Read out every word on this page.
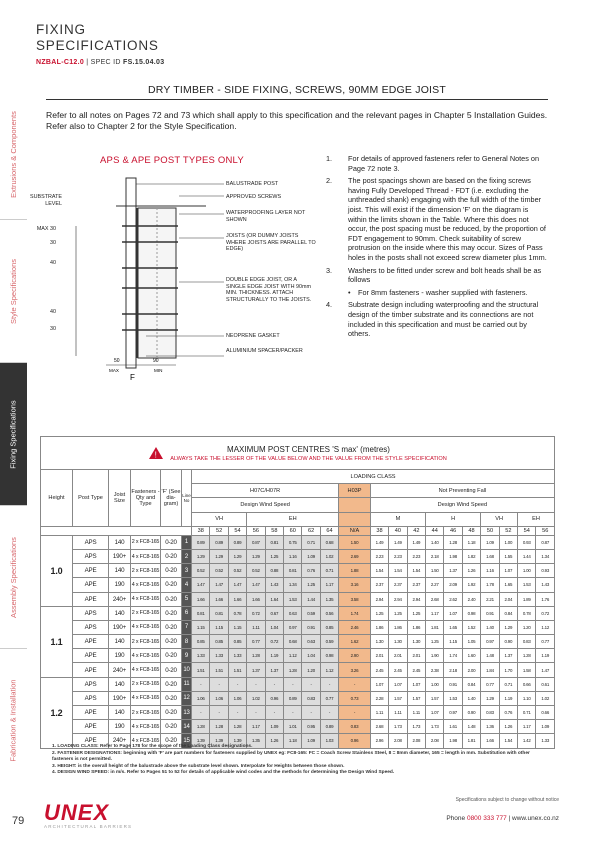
FIXING
SPECIFICATIONS
NZBAL-C12.0 | SPEC ID FS.15.04.03
Extrusions & Components
Style Specifications
Fixing Specifications
Assembly Specifications
Fabrication & Installation
DRY TIMBER - SIDE FIXING, SCREWS, 90MM EDGE JOIST
Refer to all notes on Pages 72 and 73 which shall apply to this specification and the relevant pages in Chapter 5 Installation Guides. Refer also to Chapter 2 for the Style Specification.
APS & APE POST TYPES ONLY
50	90
MAX	MIN
F
SUBSTRATE LEVEL
MAX 30
30
40
40
30
BALUSTRADE POST
APPROVED SCREWS
WATERPROOFING LAYER NOT SHOWN
JOISTS (OR DUMMY JOISTS WHERE JOISTS ARE PARALLEL TO EDGE)
DOUBLE EDGE JOIST, OR A SINGLE EDGE JOIST WITH 90mm MIN. THICKNESS. ATTACH STRUCTURALLY TO THE JOISTS.
NEOPRENE GASKET
ALUMINIUM SPACER/PACKER
1.	For details of approved fasteners refer to General Notes on Page 72 note 3.
2.	The post spacings shown are based on the fixing screws having Fully Developed Thread - FDT (i.e. excluding the unthreaded shank) engaging with the full width of the timber joist. This will exist if the dimension 'F' on the diagram is within the limits shown in the Table. Where this does not occur, the post spacing must be reduced, by the proportion of FDT engagement to 90mm. Check suitability of screw protrusion on the inside where this may occur. Sizes of Pass holes in the posts shall not exceed screw diameter plus 1mm.
3.	Washers to be fitted under screw and bolt heads shall be as follows
•	For 8mm fasteners - washer supplied with fasteners.
4.	Substrate design including waterproofing and the structural design of the timber substrate and its connections are not included in this specification and must be carried out by others.
!
MAXIMUM POST CENTRES 'S max' (metres)
ALWAYS TAKE THE LESSER OF THE VALUE BELOW AND THE VALUE FROM THE STYLE SPECIFICATION																								

Height	Post Type	Joist Size	Fasteners - Qty and Type	'F' (See dia-gram)	Line No	LOADING CLASS																		
						H07C/H07R								H03P	Not Preventing Fall									
						Design Wind Speed									Design Wind Speed									
						VH			EH						M			H			VH		EH	
						38	52	54	56	58	60	62	64	N/A	38	40	42	44	46	48	50	52	54	56
1.0	APS	140	2 x FC8-165	0-20	1	0.89	0.89	0.89	0.87	0.81	0.75	0.71	0.68	1.50	1.49	1.49	1.49	1.40	1.28	1.18	1.09	1.00	0.93	0.87
	APS	190+	4 x FC8-165	0-20	2	1.29	1.29	1.29	1.29	1.25	1.16	1.09	1.02	2.69	2.23	2.23	2.23	2.18	1.98	1.82	1.68	1.55	1.44	1.34
	APE	140	2 x FC8-165	0-20	3	0.52	0.52	0.52	0.52	0.88	0.81	0.76	0.71	1.88	1.54	1.54	1.54	1.50	1.37	1.26	1.16	1.07	1.00	0.93
	APE	190	4 x FC8-165	0-20	4	1.47	1.47	1.47	1.47	1.43	1.34	1.25	1.17	3.16	2.37	2.37	2.37	2.27	2.09	1.92	1.78	1.65	1.53	1.43
	APE	240+	4 x FC8-165	0-20	5	1.66	1.66	1.66	1.66	1.64	1.53	1.44	1.35	3.58	2.94	2.94	2.94	2.68	2.62	2.40	2.21	2.04	1.89	1.76
1.1	APS	140	2 x FC8-165	0-20	6	0.81	0.81	0.78	0.72	0.67	0.63	0.59	0.56	1.74	1.25	1.25	1.25	1.17	1.07	0.98	0.91	0.84	0.78	0.72
	APS	190+	4 x FC8-165	0-20	7	1.15	1.15	1.15	1.11	1.04	0.97	0.91	0.85	2.46	1.86	1.86	1.86	1.81	1.65	1.52	1.40	1.29	1.20	1.12
	APE	140	2 x FC8-165	0-20	8	0.85	0.85	0.85	0.77	0.72	0.68	0.63	0.59	1.62	1.30	1.30	1.30	1.25	1.15	1.05	0.97	0.90	0.83	0.77
	APE	190	4 x FC8-165	0-20	9	1.33	1.33	1.33	1.28	1.19	1.12	1.04	0.98	2.90	2.01	2.01	2.01	1.90	1.74	1.60	1.48	1.37	1.28	1.19
	APE	240+	4 x FC8-165	0-20	10	1.51	1.51	1.51	1.37	1.37	1.28	1.20	1.12	3.26	2.45	2.45	2.45	2.38	2.18	2.00	1.84	1.70	1.58	1.47
1.2	APS	140	2 x FC8-165	0-20	11	-	-	-	-	-	-	-	-	-	1.07	1.07	1.07	1.00	0.91	0.84	0.77	0.71	0.66	0.61
	APS	190+	4 x FC8-165	0-20	12	1.06	1.06	1.06	1.02	0.96	0.89	0.83	0.77	0.73	2.28	1.57	1.57	1.57	1.53	1.40	1.29	1.19	1.10	1.02
	APE	140	2 x FC8-165	0-20	13	-	-	-	-	-	-	-	-	-	1.11	1.11	1.11	1.07	0.97	0.90	0.83	0.76	0.71	0.66
	APE	190	4 x FC8-165	0-20	14	1.28	1.28	1.28	1.17	1.09	1.01	0.95	0.89	0.83	2.68	1.73	1.73	1.73	1.61	1.48	1.36	1.26	1.17	1.09
	APE	240+	4 x FC8-165	0-20	15	1.39	1.39	1.39	1.35	1.26	1.18	1.09	1.03	0.96	2.96	2.08	2.08	2.08	1.98	1.81	1.66	1.54	1.42	1.33
1. LOADING CLASS: Refer to Page 178 for the scope of the Loading Class designations.
2. FASTENER DESIGNATIONS: beginning with 'F' are part numbers for fasteners supplied by UNEX eg: FC8-165: FC = Coach Screw Stainless Steel, 8 = 8mm diameter, 165 = length in mm. Substitution with other fasteners is not permitted.
3. HEIGHT: is the overall height of the balustrade above the substrate level shown. Interpolate for Heights between those shown.
4. DESIGN WIND SPEED: in m/s. Refer to Pages 51 to 52 for details of applicable wind codes and the methods for determining the Design Wind Speed.
79 UNEX
ARCHITECTURAL BARRIERS
Specifications subject to change without notice
Phone 0800 333 777 | www.unex.co.nz
